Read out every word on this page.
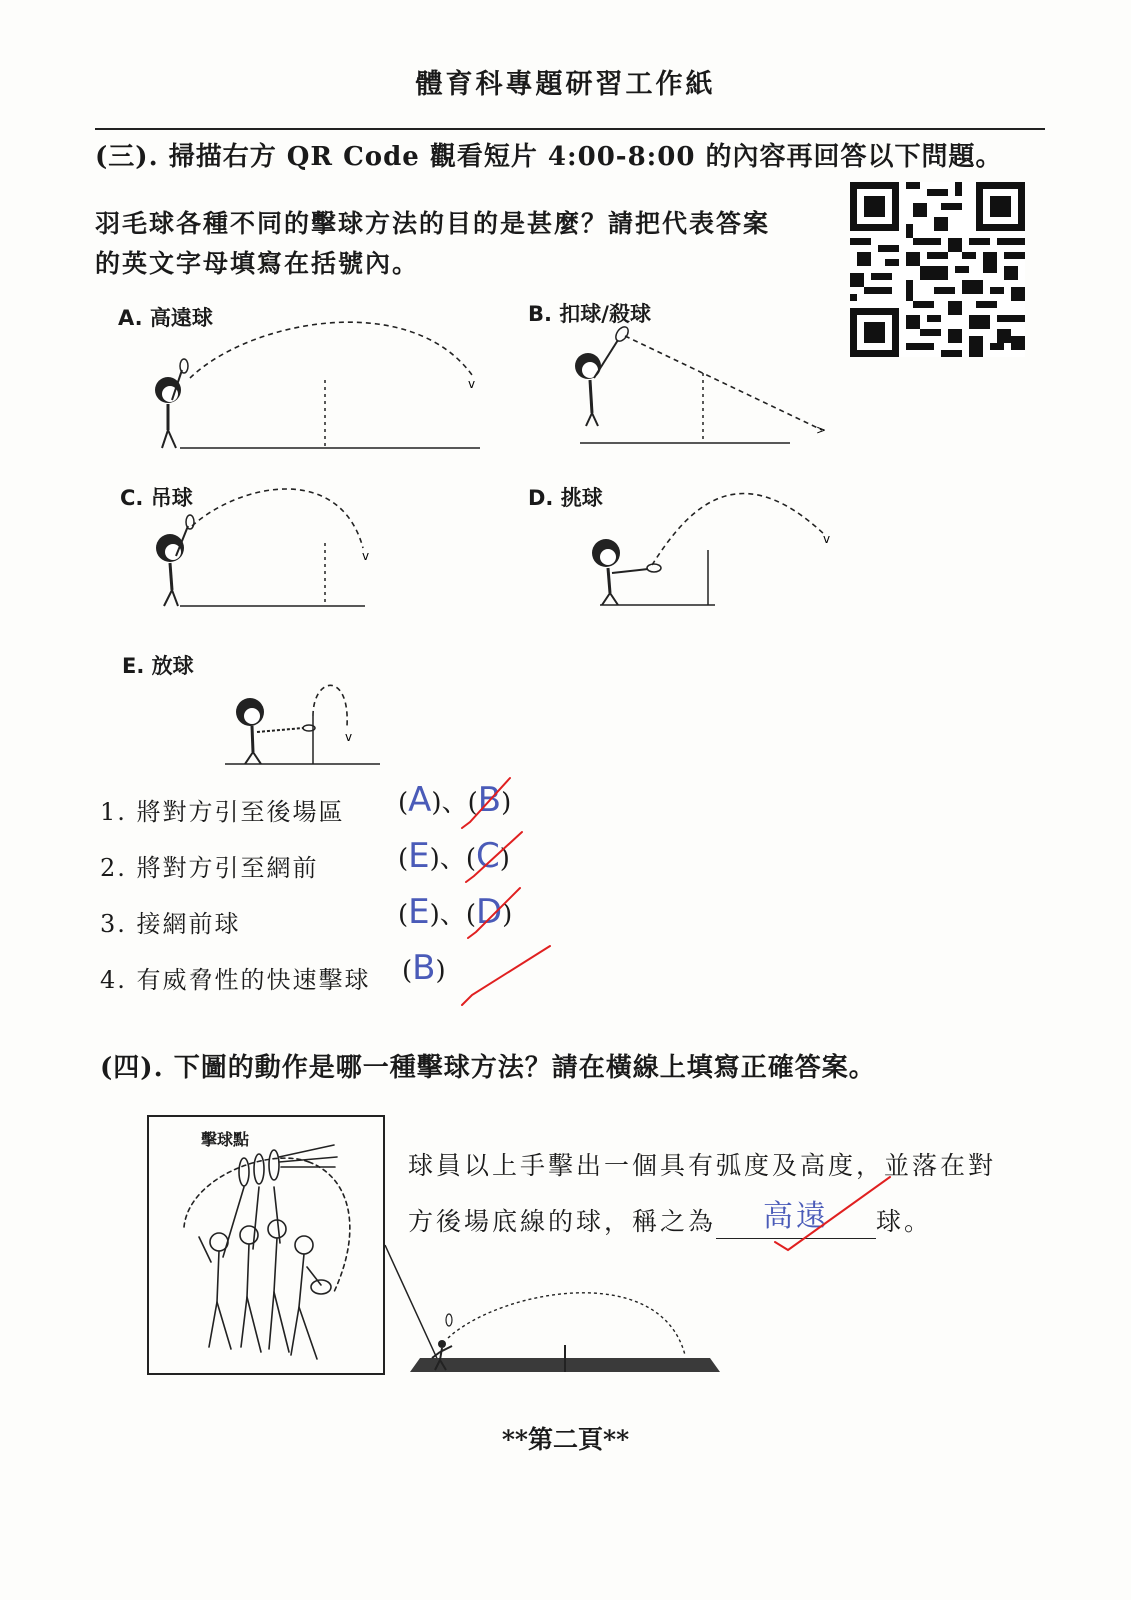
體育科專題研習工作紙
(三). 掃描右方 QR Code 觀看短片 4:00-8:00 的內容再回答以下問題。
羽毛球各種不同的擊球方法的目的是甚麼？請把代表答案
的英文字母填寫在括號內。
A. 高遠球	B. 扣球/殺球
C. 吊球	D. 挑球
E. 放球
v
>
v
v
v
1. 將對方引至後場區 (A)、(B)
2. 將對方引至網前	(E)、(C)
3. 接網前球	(E)、(D)
4. 有威脅性的快速擊球 (B)
(四). 下圖的動作是哪一種擊球方法？請在橫線上填寫正確答案。
擊球點
球員以上手擊出一個具有弧度及高度，並落在對
方後場底線的球，稱之為 高遠 球。
**第二頁**
